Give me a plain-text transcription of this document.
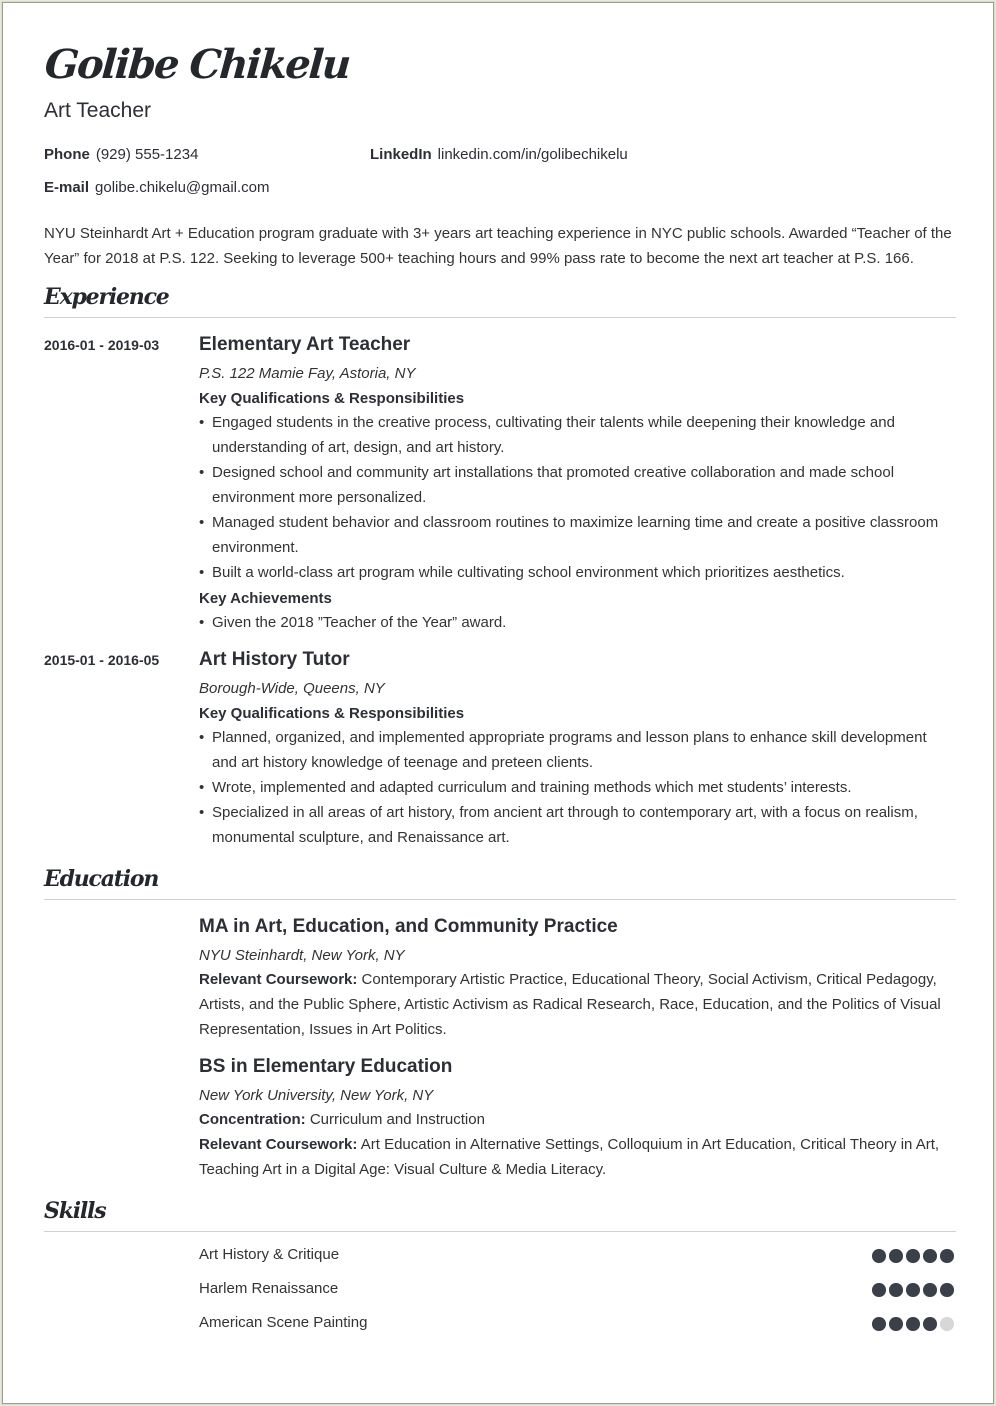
Golibe Chikelu
Art Teacher
Phone (929) 555-1234	LinkedIn linkedin.com/in/golibechikelu
E-mail golibe.chikelu@gmail.com
NYU Steinhardt Art + Education program graduate with 3+ years art teaching experience in NYC public schools. Awarded “Teacher of the Year” for 2018 at P.S. 122. Seeking to leverage 500+ teaching hours and 99% pass rate to become the next art teacher at P.S. 166.
Experience
2016-01 - 2019-03 Elementary Art Teacher
P.S. 122 Mamie Fay, Astoria, NY
Key Qualifications & Responsibilities
• Engaged students in the creative process, cultivating their talents while deepening their knowledge and understanding of art, design, and art history.
• Designed school and community art installations that promoted creative collaboration and made school environment more personalized.
• Managed student behavior and classroom routines to maximize learning time and create a positive classroom environment.
• Built a world-class art program while cultivating school environment which prioritizes aesthetics.
Key Achievements
• Given the 2018 ”Teacher of the Year” award.
2015-01 - 2016-05 Art History Tutor
Borough-Wide, Queens, NY
Key Qualifications & Responsibilities
• Planned, organized, and implemented appropriate programs and lesson plans to enhance skill development and art history knowledge of teenage and preteen clients.
• Wrote, implemented and adapted curriculum and training methods which met students’ interests.
• Specialized in all areas of art history, from ancient art through to contemporary art, with a focus on realism, monumental sculpture, and Renaissance art.
Education
MA in Art, Education, and Community Practice
NYU Steinhardt, New York, NY
Relevant Coursework: Contemporary Artistic Practice, Educational Theory, Social Activism, Critical Pedagogy, Artists, and the Public Sphere, Artistic Activism as Radical Research, Race, Education, and the Politics of Visual Representation, Issues in Art Politics.
BS in Elementary Education
New York University, New York, NY
Concentration: Curriculum and Instruction
Relevant Coursework: Art Education in Alternative Settings, Colloquium in Art Education, Critical Theory in Art, Teaching Art in a Digital Age: Visual Culture & Media Literacy.
Skills
Art History & Critique
Harlem Renaissance
American Scene Painting
